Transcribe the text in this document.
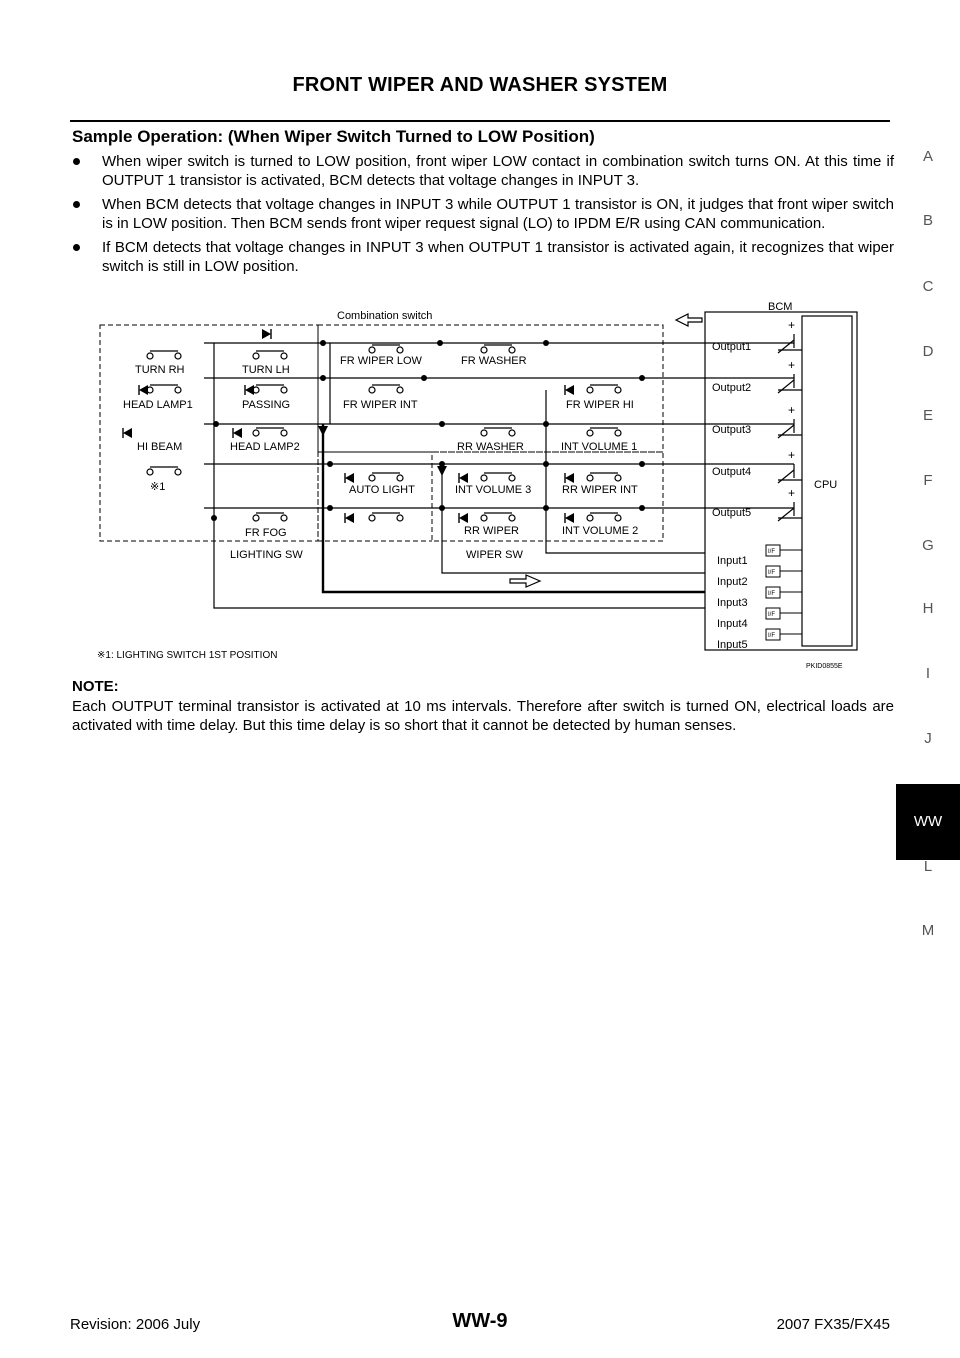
FRONT WIPER AND WASHER SYSTEM
Sample Operation: (When Wiper Switch Turned to LOW Position)
When wiper switch is turned to LOW position, front wiper LOW contact in combination switch turns ON. At this time if OUTPUT 1 transistor is activated, BCM detects that voltage changes in INPUT 3.
When BCM detects that voltage changes in INPUT 3 while OUTPUT 1 transistor is ON, it judges that front wiper switch is in LOW position. Then BCM sends front wiper request signal (LO) to IPDM E/R using CAN communication.
If BCM detects that voltage changes in INPUT 3 when OUTPUT 1 transistor is activated again, it recognizes that wiper switch is still in LOW position.
+
+
+
+
+
I/F
I/F
I/F
I/F
I/F
Combination switch
BCM
CPU
TURN RH	TURN LH
HEAD LAMP1	PASSING
HI BEAM	HEAD LAMP2
※1
FR FOG
FR WIPER LOW	FR WASHER
FR WIPER INT	FR WIPER HI
RR WASHER	INT VOLUME 1
AUTO LIGHT	INT VOLUME 3	RR WIPER INT
RR WIPER	INT VOLUME 2
LIGHTING SW	WIPER SW
Output1
Output2
Output3
Output4
Output5
Input1
Input2
Input3
Input4
Input5
※1: LIGHTING SWITCH 1ST POSITION
PKID0855E
NOTE:
Each OUTPUT terminal transistor is activated at 10 ms intervals. Therefore after switch is turned ON, electrical loads are activated with time delay. But this time delay is so short that it cannot be detected by human senses.
A
B
C
D
E
F
G
H
I
J
WW
L
M
Revision: 2006 July	WW-9	2007 FX35/FX45
